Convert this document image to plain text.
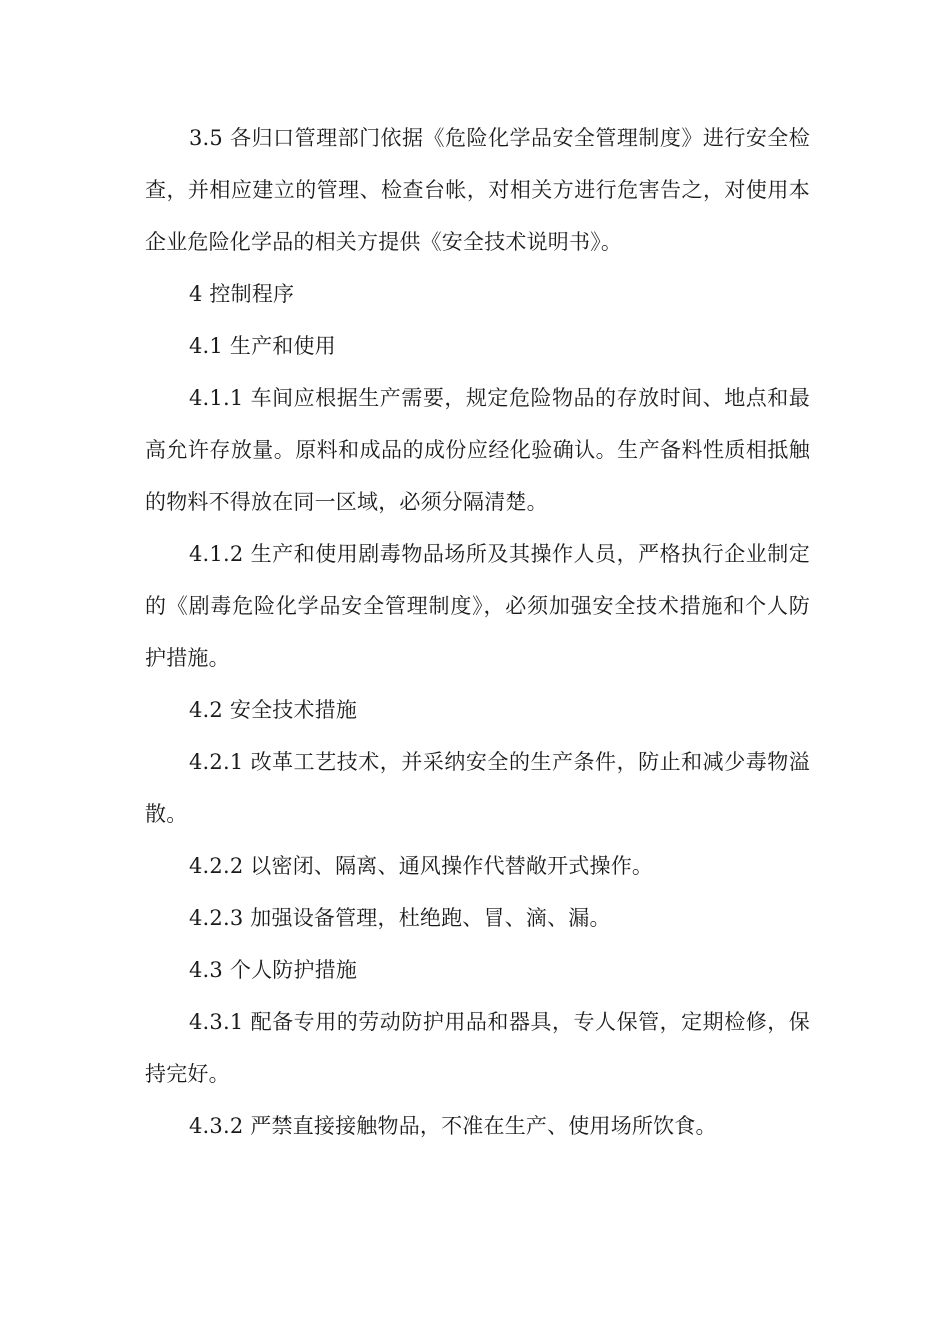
3.5 各归口管理部门依据《危险化学品安全管理制度》进行安全检查，并相应建立的管理、检查台帐，对相关方进行危害告之，对使用本企业危险化学品的相关方提供《安全技术说明书》。

4 控制程序

4.1 生产和使用

4.1.1 车间应根据生产需要，规定危险物品的存放时间、地点和最高允许存放量。原料和成品的成份应经化验确认。生产备料性质相抵触的物料不得放在同一区域，必须分隔清楚。

4.1.2 生产和使用剧毒物品场所及其操作人员，严格执行企业制定的《剧毒危险化学品安全管理制度》，必须加强安全技术措施和个人防护措施。

4.2 安全技术措施

4.2.1 改革工艺技术，并采纳安全的生产条件，防止和减少毒物溢散。

4.2.2 以密闭、隔离、通风操作代替敞开式操作。

4.2.3 加强设备管理，杜绝跑、冒、滴、漏。

4.3 个人防护措施

4.3.1 配备专用的劳动防护用品和器具，专人保管，定期检修，保持完好。

4.3.2 严禁直接接触物品，不准在生产、使用场所饮食。
